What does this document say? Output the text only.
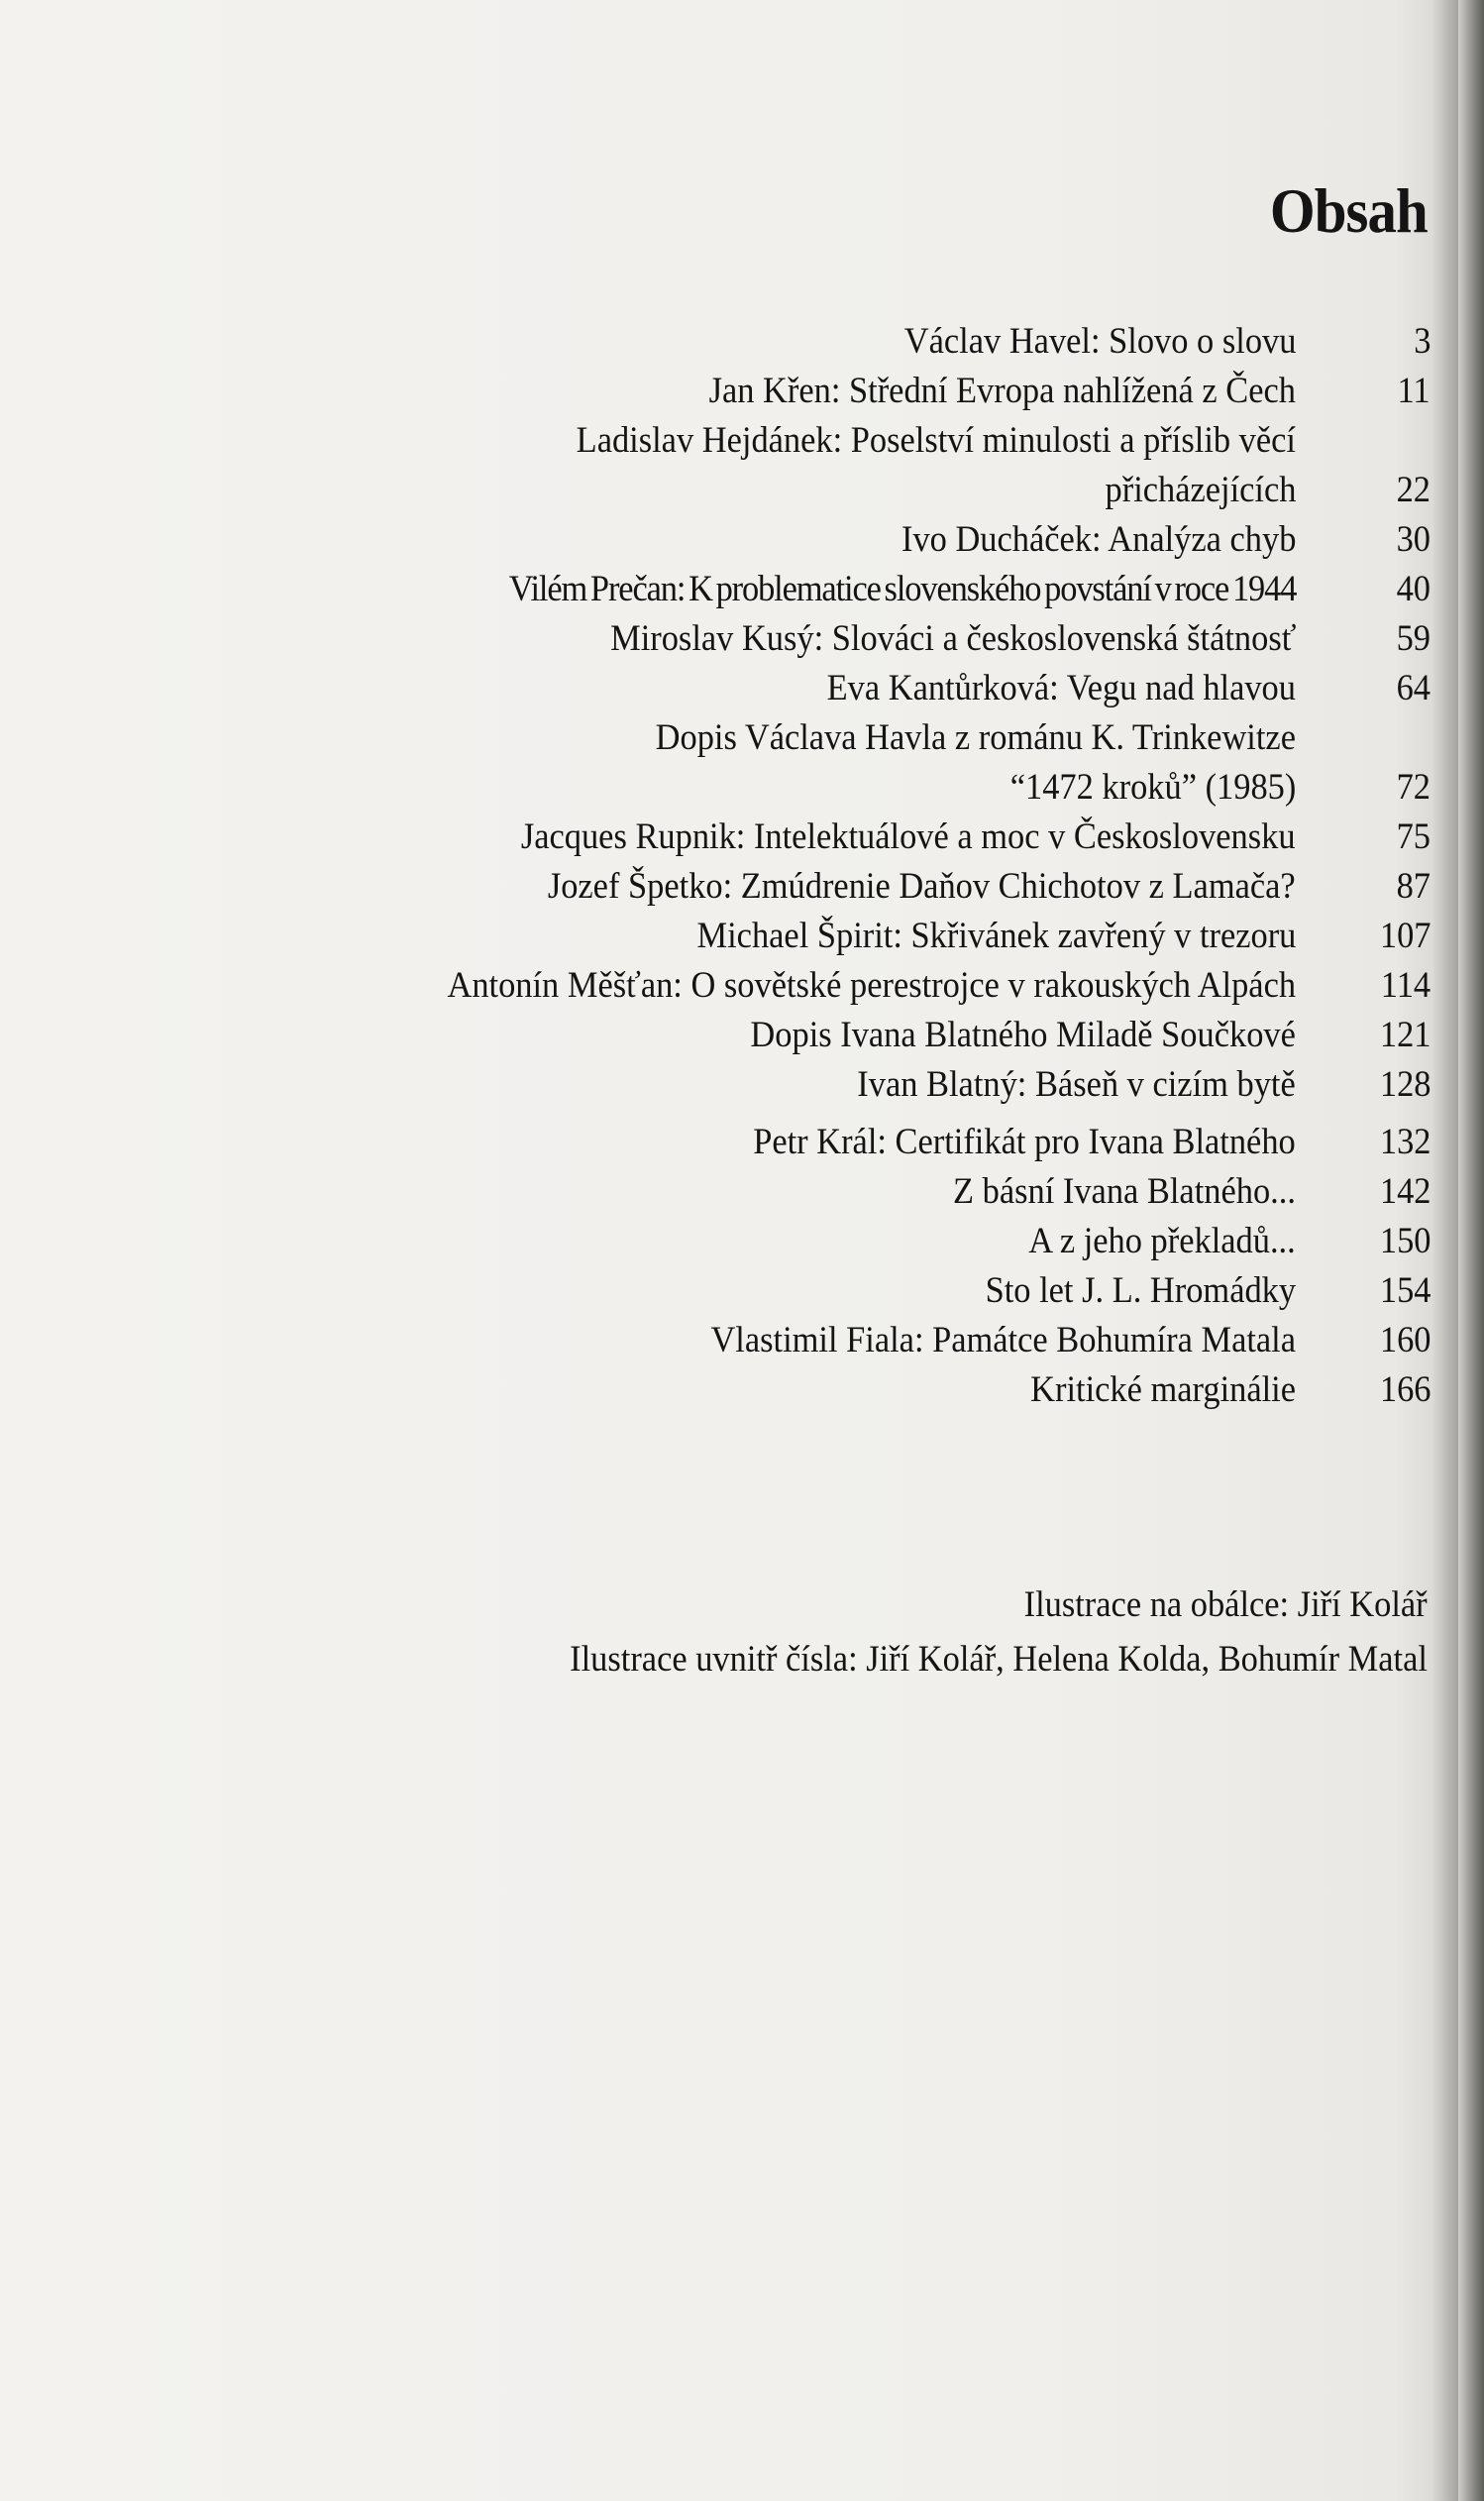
Obsah
Václav Havel: Slovo o slovu	3
Jan Křen: Střední Evropa nahlížená z Čech	11
Ladislav Hejdánek: Poselství minulosti a příslib věcí
přicházejících	22
Ivo Ducháček: Analýza chyb	30
Vilém Prečan: K problematice slovenského povstání v roce 1944	40
Miroslav Kusý: Slováci a československá štátnosť	59
Eva Kantůrková: Vegu nad hlavou	64
Dopis Václava Havla z románu K. Trinkewitze
“1472 kroků” (1985)	72
Jacques Rupnik: Intelektuálové a moc v Československu	75
Jozef Špetko: Zmúdrenie Daňov Chichotov z Lamača?	87
Michael Špirit: Skřivánek zavřený v trezoru 107
Antonín Měšťan: O sovětské perestrojce v rakouských Alpách 114
Dopis Ivana Blatného Miladě Součkové 121
Ivan Blatný: Báseň v cizím bytě 128
Petr Král: Certifikát pro Ivana Blatného 132
Z básní Ivana Blatného... 142
A z jeho překladů... 150
Sto let J. L. Hromádky 154
Vlastimil Fiala: Památce Bohumíra Matala 160
Kritické marginálie 166
Ilustrace na obálce: Jiří Kolář
Ilustrace uvnitř čísla: Jiří Kolář, Helena Kolda, Bohumír Matal
